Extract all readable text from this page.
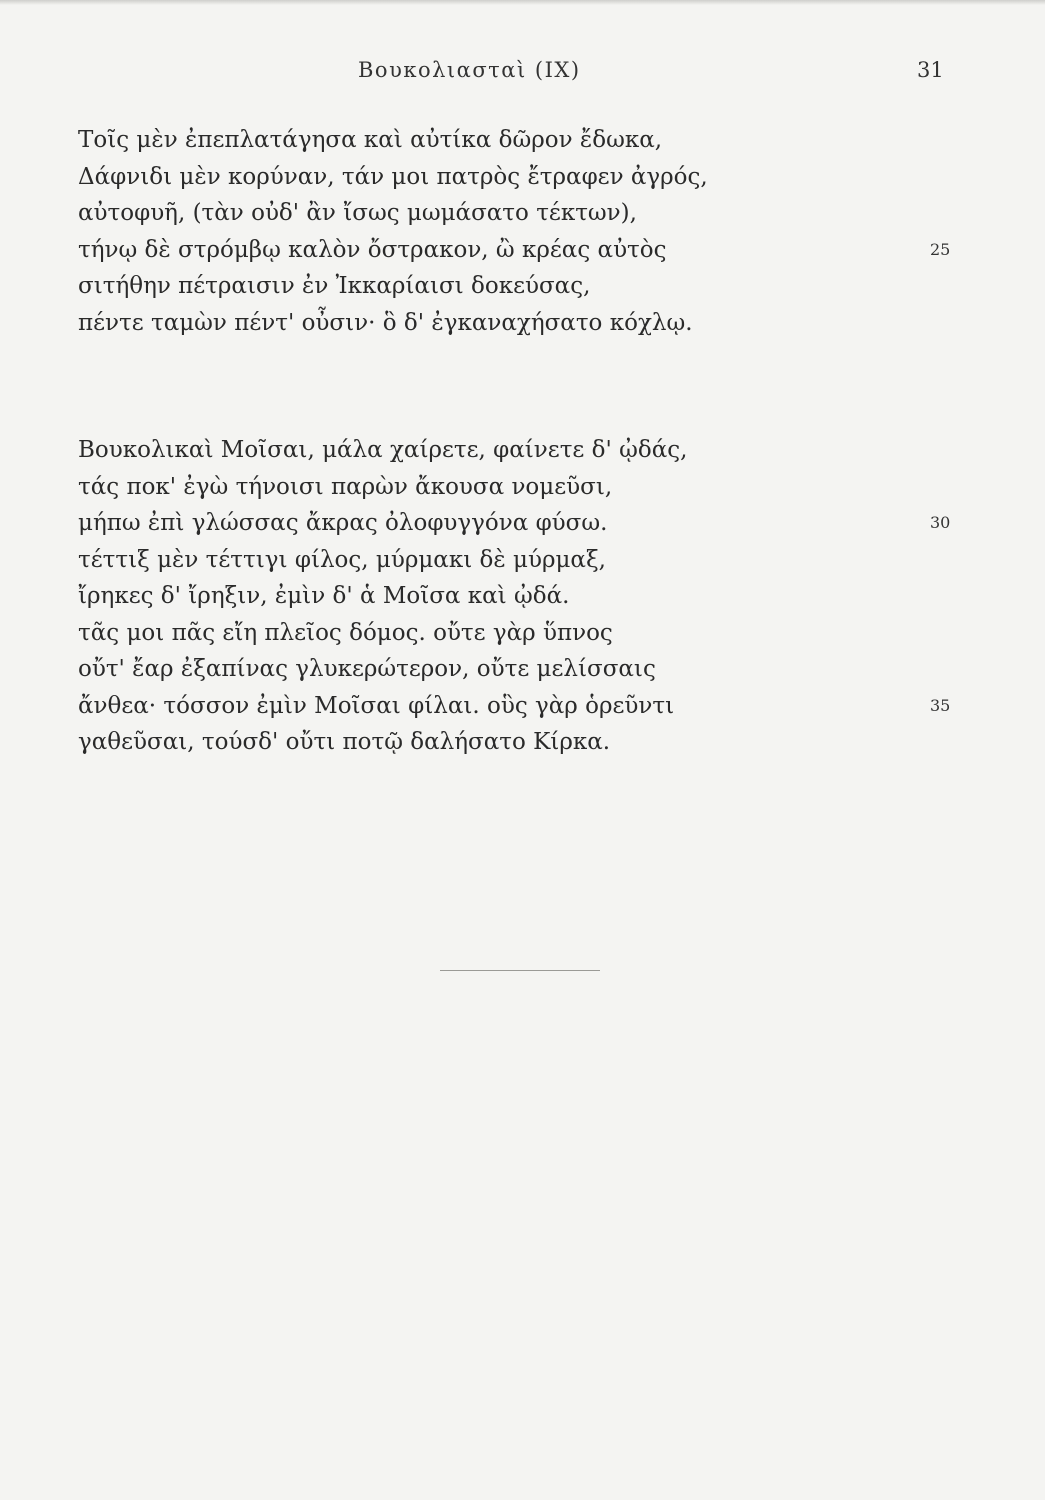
Βουκολιασταὶ (ΙΧ)	31
Τοῖς μὲν ἐπεπλατάγησα καὶ αὐτίκα δῶρον ἔδωκα,
Δάφνιδι μὲν κορύναν, τάν μοι πατρὸς ἔτραφεν ἀγρός,
αὐτοφυῆ, (τὰν οὐδ' ἂν ἴσως μωμάσατο τέκτων),
τήνῳ δὲ στρόμβῳ καλὸν ὄστρακον, ὢ κρέας αὐτὸς	25
σιτήθην πέτραισιν ἐν Ἰκκαρίαισι δοκεύσας,
πέντε ταμὼν πέντ' οὖσιν· ὃ δ' ἐγκαναχήσατο κόχλῳ.
Βουκολικαὶ Μοῖσαι, μάλα χαίρετε, φαίνετε δ' ᾠδάς,
τάς ποκ' ἐγὼ τήνοισι παρὼν ἄκουσα νομεῦσι,
μήπω ἐπὶ γλώσσας ἄκρας ὀλοφυγγόνα φύσω.	30
τέττιξ μὲν τέττιγι φίλος, μύρμακι δὲ μύρμαξ,
ἴρηκες δ' ἴρηξιν, ἐμὶν δ' ἁ Μοῖσα καὶ ᾠδά.
τᾶς μοι πᾶς εἴη πλεῖος δόμος. οὔτε γὰρ ὕπνος
οὔτ' ἔαρ ἐξαπίνας γλυκερώτερον, οὔτε μελίσσαις
ἄνθεα· τόσσον ἐμὶν Μοῖσαι φίλαι. οὓς γὰρ ὁρεῦντι	35
γαθεῦσαι, τούσδ' οὔτι ποτῷ δαλήσατο Κίρκα.
